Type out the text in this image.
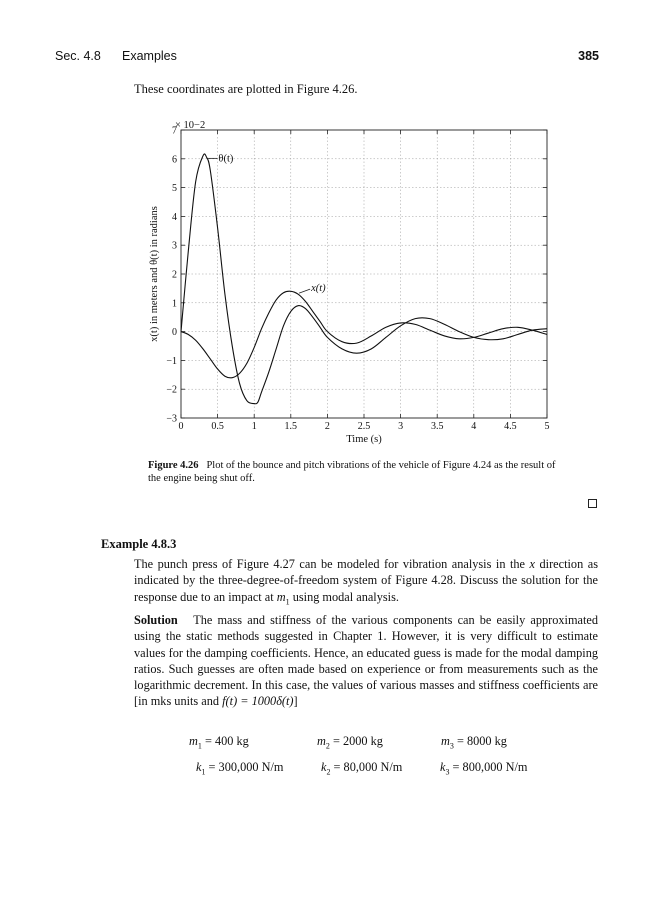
Sec. 4.8 Examples	385
These coordinates are plotted in Figure 4.26.
0	0.5	1	1.5	2	2.5	3	3.5	4	4.5	5
7
6
5
4
3
2
1
0
−1
−2
−3
× 10−2
Time (s)
x(t) in meters and θ(t) in radians
θ(t)
x(t)
Figure 4.26 Plot of the bounce and pitch vibrations of the vehicle of Figure 4.24 as the result of the engine being shut off.
Example 4.8.3
The punch press of Figure 4.27 can be modeled for vibration analysis in the x direction as indicated by the three-degree-of-freedom system of Figure 4.28. Discuss the solution for the response due to an impact at $m_1$ using modal analysis.
Solution The mass and stiffness of the various components can be easily approximated using the static methods suggested in Chapter 1. However, it is very difficult to estimate values for the damping coefficients. Hence, an educated guess is made for the modal damping ratios. Such guesses are often made based on experience or from measurements such as the logarithmic decrement. In this case, the values of various masses and stiffness coefficients are [in mks units and f(t) = 1000δ(t)]
$m_1 = 400$ kg	$m_2 = 2000$ kg	$m_3 = 8000$ kg
$k_1 = 300,000$ N/m	$k_2 = 80,000$ N/m	$k_3 = 800,000$ N/m
